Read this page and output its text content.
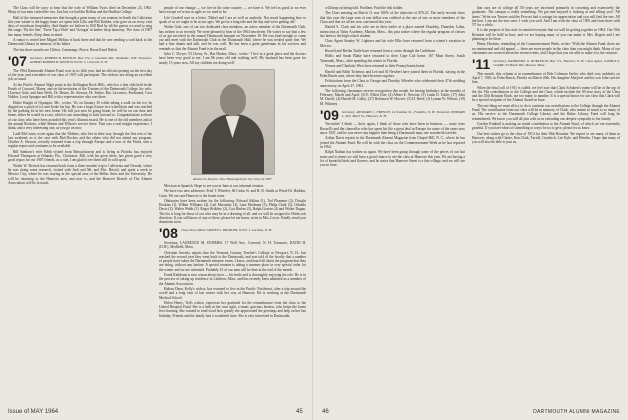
The Class will be sorry to hear that the wife of William Twiss died on December 23, 1963. Many of our men visited the two. Just last we had the Rollins and the Hurlbut College.

Half of the treasured memories that brought a great many of our reunion in South the California this year winter is the happy hours we spent with Lillo and Bill Knibbe, who gave us on every visit days of wondrous hospitality. And thanks we believe to Bill Bird by all the guests we used to sing the songs. 'By the Sea', 'There Tip a Hole' and 'Georgia' in barber shop harmony. The class of 1907 has many friends. Keep them in mind.

A rumor is rested here Miguel Molina is back there and that he was sending a card back to the Dartmouth Library in memory of his father.

The last three awards are Clifton, Cummings, Pierce, Russell and Walsh.

'07 Secretary, ROBERT B. KENYON, Box 172, 4 Granham Rd., Woodside, N.H. Treasurer, ALBERT ROBERT B. KENYON N.F.D. 3, Concord, N. H.

The 1964 Dartmouth Alumni Fund, now in its fifth year, had an official opening on the first day of the year, and a member of our class of 1907 will participate. The widows are doing an excellent job, as usual.

At the Pacific Alumni Night party at the Kellington Rock Hills, which is a fine club held in the Parish of Concord, Maine, and on the invitation of the Trustees of the Dartmouth College, his wife, Clarence Gale, and Sam Wells, Dr. Hester, Dr. Stewart, Dr. Parker, Bar. Lawrence, Ferdinand, Cora Nobles, Louis Sprague and Bill with a representative who was there.

Hobie Knight of Ogunquit, Me., writes, 'It's on January 30 while taking a walk on the ice, he slipped on a patch of ice and broke his hip. He was a huge fixture in a wheelchair and was reached by the parking lot in his new home. He will just now be going home, he will be on our door and home, either he would in a cast, which is not something to look forward to. Congratulations to those of our class who have been awarded this year's Alumni award. He is one of the old members and at the annual Rookies, while Martin and Wilson's service there. That was a real insight experience, I think, and a very interesting one, as you go on now.

Ladd McCreary wrote again that the Tibbetts, who live in their way through the first rest of the last weekend, as is the case with Bud Rockey and the others who did not attend our program. Charles A. Stewart, recently returned from a trip through Europe and a tour of the Fittist, sent a regular report and continues to be available.

Bill Sanborn's wife Edith visited from Massachusetts and is living at Florida, has enjoyed Edward Thompson at Orlando, Fla., Christmas. Bill, with his great cheer, has given good a very good report for our 1907 friends, as a rule, I am glad to see them still in cold spots.

Walter W. Herrick has returned back from a three months' trip to California and Nevada, where he was doing some research, visited with Jack and Mr. and Mrs. Bristol, and spent a week in Mexico City, where he was staying in the special area of the Bellas Artes and the University. He will be returning to the Hanover area, and now is, and the Hanover Branch of The Alumni Association will be in touch.

people of our vintage — we live in the wine country — we have it. We feel as good as we ever have except we're not as agile as we used to be.

Life Goodell sent us a letter, 'Mabel and I are as well as anybody. Not much happening here to speak of as we ought to be at our ages. We go for a long ride and the day and we're getting old.'

Walter Gale, one of our two dedicated class members, an active member of the Dartmouth Club, has written to us recently. We were pleased to hear of the 1964 newsletter. He writes to say that a few of us got involved in the annual Dartmouth banquet on November 18. He was kind enough to come out and meet with the Dartmouth Club in the Dartmouth Hall, where he was treated quite fine. We had a fine dinner and talk, and he was well. He has been a great gentleman in his services and reminds us that the Alumni Fund is in the mail.

Julia C. Dwyer, 53 Cherry St., Bar Harbor, Mass., writes: 'I live in a great place and the doctors have been very good to me. I am 86 years old and walking well. My husband has been gone for nearly 13 years now. All my children are doing well.'

Robert D. Kenyon. New Head Agent for the Class of 1907

Mexican in Spanish. Hope to see you in June at our informal reunion.

We have two new addresses: Fred T. Wheeler, 66 Cedar St. and H. B. Smith at Wood Dr. Haddon, Conn. We are sure Hanover is the home town.

Obituaries have been written for the following: Edward Adkins (1), Tod Plummer (2), Dwight Hoskins (1), Wilbur Williams (4), Carl Macaulay (4), Lane Heidman (3), Philip Clark (3), Orlando Davis (2), Walter Webb (1). Roger Brikiley (2), Lou Harlan (3), Ralph Gorton (4) and Walter Dugan. The list is long for those of our who may be in a dressing of all, and we will be assigned to Hitchcock direction. If you still know of any of these, please let me know, write to Mrs. Lewis. Kindly send your donations soon.

'08 Class News Editor SIDNEY L. RIDDLER, N.F.D. 1, Laconia, N. H.

Secretary, LAURENCE M. SYMMES, 17 Wolf Ave., Concord, N. H. Treasurer, DAVID H. (D.H.), Medfield, Mass.

Christian Anxiety reports that the Vermont Country Teacher's College at Newport, N. H., has reached the second year they went back to the Dartmouth, and was told of the faculty that a number of people have taken the Dartmouth entrance exam, I know, and heard all about the program that they are doing, without any fanfare. A special reunion is taking a summer place in very special order for the winter and we are informed. Probably 23 of our men will be here at the end of the month.

Frank Rathburn is now a man about town — his bride and is thoroughly enjoying his role. He is in the process of taking up residence in Littleton, Mass. and has recently been admitted as a member of the Alumni Association.

Hulton Dana, Kelly's widow, has returned to live in the Pacific Northwest, after a trip around the world and a long visit of last winter with her son, at Hanover. He is working at the Dartmouth Medical School.

Helen Henry, Ted's widow, expresses her gratitude for the remembrance from the class to the United Hospital Fund. She is a lady in her own right, a smart, gracious hostess, who keeps the home fires burning. She wanted to send word how greatly she appreciated the greetings and help on her last birthday. Friends and the family had a wonderful time. She is very interested in Dartmouth.

will keep on being told. Problem: Find the fish fodder.

The Class meeting on March 11 was 100% of the objective of $76.25. The early records show that this year the large sum of one dollar was credited at the rate of one or more members of the Class and that we all are now convinced this year.

Harold S. Clark and his wife are in their trailer at a place named Sloudsby, Dunedin, Lahia, instruction at Tabor Academy, Marion, Mass., this past winter where the regular program of classes has been to the high school student.

Class Agent Stanley W. Lightner and his wife Ellie have returned from a winter's vacation in Mexico.

Russell and Bertha Tuttle have returned from a cruise through the Caribbean.

Hollis and Sarah Blake have returned to their Cape Cod home, 167 Main Street, South Yarmouth, Mass., after spending the winter in Florida.

Vernon and Charlotte West have returned to their Pennsylvania home.

Harold and Edith Tichenor, and Lee and Al Newbert have joined them in Florida, staying in the Palm Beach area, where they have become regulars.

Felicitations from the Class to George and Dorothy Wheeler who celebrated their 47th wedding anniversary on April 27, 1963.

The following classmates receive recognition this month for having birthdays in the months of February, March and April: (3) E. Elbert Doe; (4) Albert E. Newton; (5) Linda D. Tuttle; (17) John M. Derrel; (4) Harold M. Colby; (27) Robinson W. Hoover; (5) H. Reed; (1) Lyman W. Wilson; (10) M. Whitney.

'09 Secretary, RICHARD C. FRENCH. 14 Sheldon St., Franklin, N. H. Treasurer, EDWARD L. B.N. Balch St., Hanover, N. H.

'Securities' I think — then, again, I think of those who have been in business — some were Russell's and the chancellor who has spent his life a great deal in Europe for some of the years now since 1947, and he was never any happier than being a Dartmouth man, one wonderful traveler.

Arthur Davis reports in the Dartmouth Alumni Magazine from Chapel Hill, N. C., where he has joined the Alumni Fund. He will be with the class on the Commencement Week as he last reported in 1962.

Ralph Nathan has written us again. We have been going through some of the pieces of our last notes and it seems we will have a good chance to see the class at Hanover this year. We are having a lot of beautiful birds and flowers, and he states that Hanover Street is a fine village, and we will see you in June.

that ours are of college all 50 years are increased primarily in crowning and extensively the graduates. The campus is really something. We got and enjoyed it looking at and telling you? 'All times.' Write our Trustee said the Provost had a cottage for appreciation and you will find the one. All the best. I am not the new ones. I wish you well. And I am with the class of 1905 and from there with '07 for a while.

It is the purpose of this note to remind everyone that we will be getting together in 1964. Our 55th Reunion will be held in June, and we are hoping many of you can make it. Mrs. Rogers and I are planning to be there.

Henry Hoskins, reminding of the Commencement Week, writes: 'With the Alumni Fund, there are no sentimental and old appeal — there are more people in the class than you might think. Many of our classmates are worried about the recent events, and I hope that you are able to make it to the reunion.'

'11 Secretary, NATHANIEL G. BURLESON, Box 171, Hanover, N. H. Class Agent, JOSHUA S. CLARK. 95 Beach Rd., Marion, Mass.

This month, this column is in remembrance of Bob Coleman Seeley who died very suddenly on April 7, 1963, in Palm Beach, Florida on March 20th. His daughter Marjorie and his son John survive him.

When the final roll of 1911 is called, we feel sure that Clark Schubert's name will be at the top of the list. His contributions to the College and the Class, which include the 50-year story of the Class and the 25th Reunion Book, are too many to number. It is a special honor for our class that Clark will be a special recipient of the Alumni Award in June.

The one thing we must all try to do is continue our contributions to the College through the Alumni Fund. The contribution from our class will be in memory of Clark, who meant so much to so many of us. His service to the Dartmouth College Library and the Baker Library Fund will long be remembered. We know you will all join with us in extending our deepest sympathy to his family.

Gordon Kimball is making an initial contribution to the Alumni Fund, of which we are extremely grateful. If you have ideas of something or ways for us to give, please let us know.

Our best wishes go to the class of 1914 for their 50th Reunion. We expect to see many of them in Hanover, along with Clarke, Ken Clark, Turvill, Goodrich, Lee Kyle, and Heinlin. I hope that many of you will also be able to join us.

Issue of MAY 1964	45	46	DARTMOUTH ALUMNI MAGAZINE
